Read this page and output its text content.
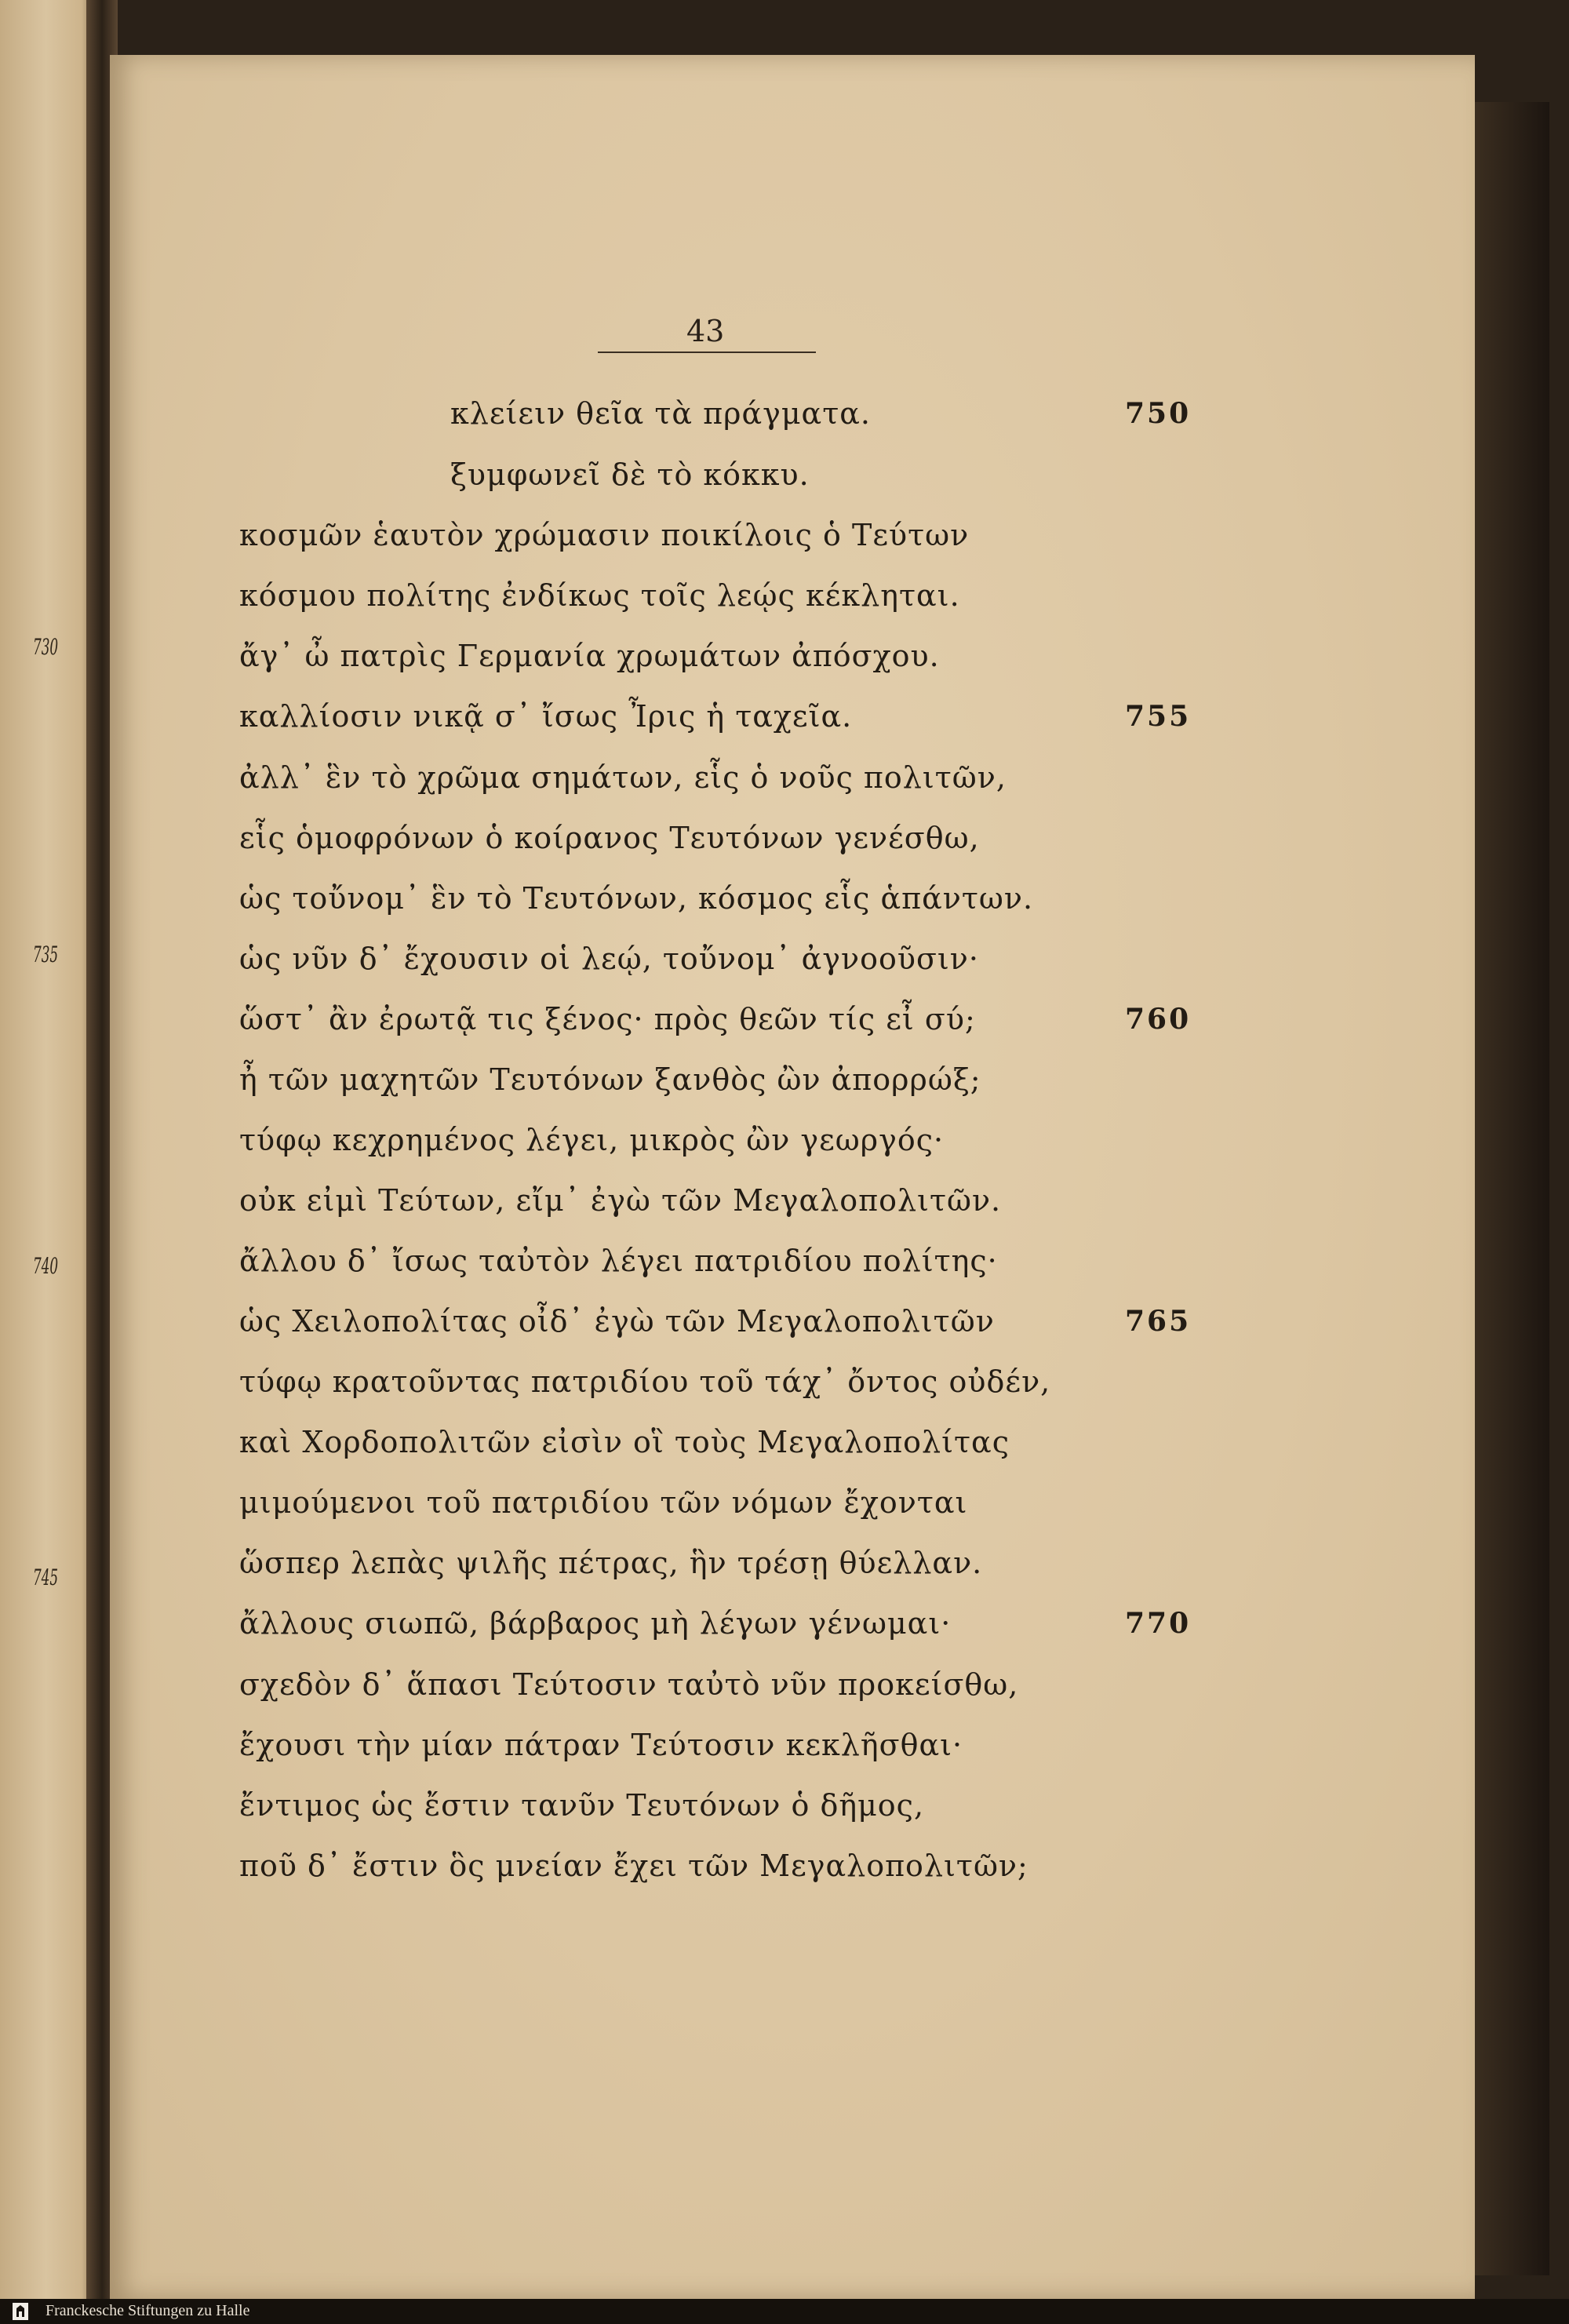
730
735
740
745
43
κλείειν θεῖα τὰ πράγματα.
ξυμφωνεῖ δὲ τὸ κόκκυ.
κοσμῶν ἑαυτὸν χρώμασιν ποικίλοις ὁ Τεύτων
κόσμου πολίτης ἐνδίκως τοῖς λεῴς κέκληται.
ἄγ᾽ ὦ πατρὶς Γερμανία χρωμάτων ἀπόσχου.
καλλίοσιν νικᾷ σ᾽ ἴσως Ἶρις ἡ ταχεῖα.
ἀλλ᾽ ἓν τὸ χρῶμα σημάτων, εἷς ὁ νοῦς πολιτῶν,
εἷς ὁμοφρόνων ὁ κοίρανος Τευτόνων γενέσθω,
ὡς τοὔνομ᾽ ἓν τὸ Τευτόνων, κόσμος εἷς ἁπάντων.
ὡς νῦν δ᾽ ἔχουσιν οἱ λεῴ, τοὔνομ᾽ ἀγνοοῦσιν·
ὥστ᾽ ἂν ἐρωτᾷ τις ξένος· πρὸς θεῶν τίς εἶ σύ;
ἦ τῶν μαχητῶν Τευτόνων ξανθὸς ὢν ἀπορρώξ;
τύφῳ κεχρημένος λέγει, μικρὸς ὢν γεωργός·
οὐκ εἰμὶ Τεύτων, εἴμ᾽ ἐγὼ τῶν Μεγαλοπολιτῶν.
ἄλλου δ᾽ ἴσως ταὐτὸν λέγει πατριδίου πολίτης·
ὡς Χειλοπολίτας οἶδ᾽ ἐγὼ τῶν Μεγαλοπολιτῶν
τύφῳ κρατοῦντας πατριδίου τοῦ τάχ᾽ ὄντος οὐδέν,
καὶ Χορδοπολιτῶν εἰσὶν οἳ τοὺς Μεγαλοπολίτας
μιμούμενοι τοῦ πατριδίου τῶν νόμων ἔχονται
ὥσπερ λεπὰς ψιλῆς πέτρας, ἣν τρέσῃ θύελλαν.
ἄλλους σιωπῶ, βάρβαρος μὴ λέγων γένωμαι·
σχεδὸν δ᾽ ἅπασι Τεύτοσιν ταὐτὸ νῦν προκείσθω,
ἔχουσι τὴν μίαν πάτραν Τεύτοσιν κεκλῆσθαι·
ἔντιμος ὡς ἔστιν τανῦν Τευτόνων ὁ δῆμος,
ποῦ δ᾽ ἔστιν ὃς μνείαν ἔχει τῶν Μεγαλοπολιτῶν;
750
755
760
765
770
Franckesche Stiftungen zu Halle
